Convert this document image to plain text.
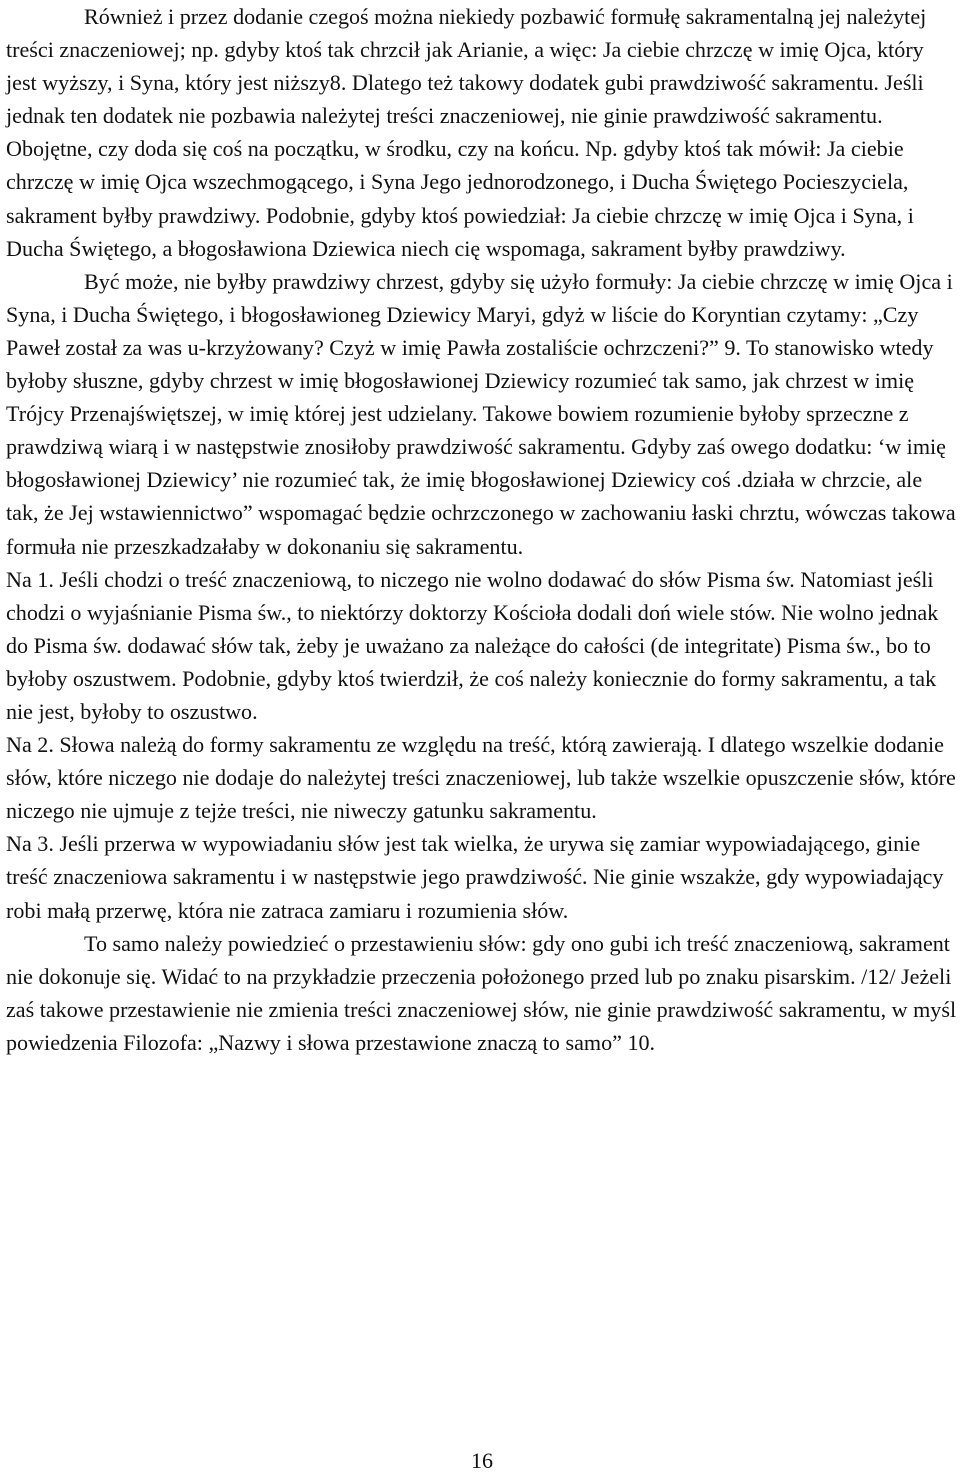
Również i przez dodanie czegoś można niekiedy pozbawić formułę sakramentalną jej należytej treści znaczeniowej; np. gdyby ktoś tak chrzcił jak Arianie, a więc: Ja ciebie chrzczę w imię Ojca, który jest wyższy, i Syna, który jest niższy8. Dlatego też takowy dodatek gubi prawdziwość sakramentu. Jeśli jednak ten dodatek nie pozbawia należytej treści znaczeniowej, nie ginie prawdziwość sakramentu. Obojętne, czy doda się coś na początku, w środku, czy na końcu. Np. gdyby ktoś tak mówił: Ja ciebie chrzczę w imię Ojca wszechmogącego, i Syna Jego jednorodzonego, i Ducha Świętego Pocieszyciela, sakrament byłby prawdziwy. Podobnie, gdyby ktoś powiedział: Ja ciebie chrzczę w imię Ojca i Syna, i Ducha Świętego, a błogosławiona Dziewica niech cię wspomaga, sakrament byłby prawdziwy.

Być może, nie byłby prawdziwy chrzest, gdyby się użyło formuły: Ja ciebie chrzczę w imię Ojca i Syna, i Ducha Świętego, i błogosławioneg Dziewicy Maryi, gdyż w liście do Koryntian czytamy: „Czy Paweł został za was u-krzyżowany? Czyż w imię Pawła zostaliście ochrzczeni?” 9. To stanowisko wtedy byłoby słuszne, gdyby chrzest w imię błogosławionej Dziewicy rozumieć tak samo, jak chrzest w imię Trójcy Przenajświętszej, w imię której jest udzielany. Takowe bowiem rozumienie byłoby sprzeczne z prawdziwą wiarą i w następstwie znosiłoby prawdziwość sakramentu. Gdyby zaś owego dodatku: ‘w imię błogosławionej Dziewicy’ nie rozumieć tak, że imię błogosławionej Dziewicy coś .działa w chrzcie, ale tak, że Jej wstawiennictwo” wspomagać będzie ochrzczonego w zachowaniu łaski chrztu, wówczas takowa formuła nie przeszkadzałaby w dokonaniu się sakramentu.

Na 1. Jeśli chodzi o treść znaczeniową, to niczego nie wolno dodawać do słów Pisma św. Natomiast jeśli chodzi o wyjaśnianie Pisma św., to niektórzy doktorzy Kościoła dodali doń wiele stów. Nie wolno jednak do Pisma św. dodawać słów tak, żeby je uważano za należące do całości (de integritate) Pisma św., bo to byłoby oszustwem. Podobnie, gdyby ktoś twierdził, że coś należy koniecznie do formy sakramentu, a tak nie jest, byłoby to oszustwo.

Na 2. Słowa należą do formy sakramentu ze względu na treść, którą zawierają. I dlatego wszelkie dodanie słów, które niczego nie dodaje do należytej treści znaczeniowej, lub także wszelkie opuszczenie słów, które niczego nie ujmuje z tejże treści, nie niweczy gatunku sakramentu.

Na 3. Jeśli przerwa w wypowiadaniu słów jest tak wielka, że urywa się zamiar wypowiadającego, ginie treść znaczeniowa sakramentu i w następstwie jego prawdziwość. Nie ginie wszakże, gdy wypowiadający robi małą przerwę, która nie zatraca zamiaru i rozumienia słów.

To samo należy powiedzieć o przestawieniu słów: gdy ono gubi ich treść znaczeniową, sakrament nie dokonuje się. Widać to na przykładzie przeczenia położonego przed lub po znaku pisarskim. /12/ Jeżeli zaś takowe przestawienie nie zmienia treści znaczeniowej słów, nie ginie prawdziwość sakramentu, w myśl powiedzenia Filozofa: „Nazwy i słowa przestawione znaczą to samo” 10.

16
